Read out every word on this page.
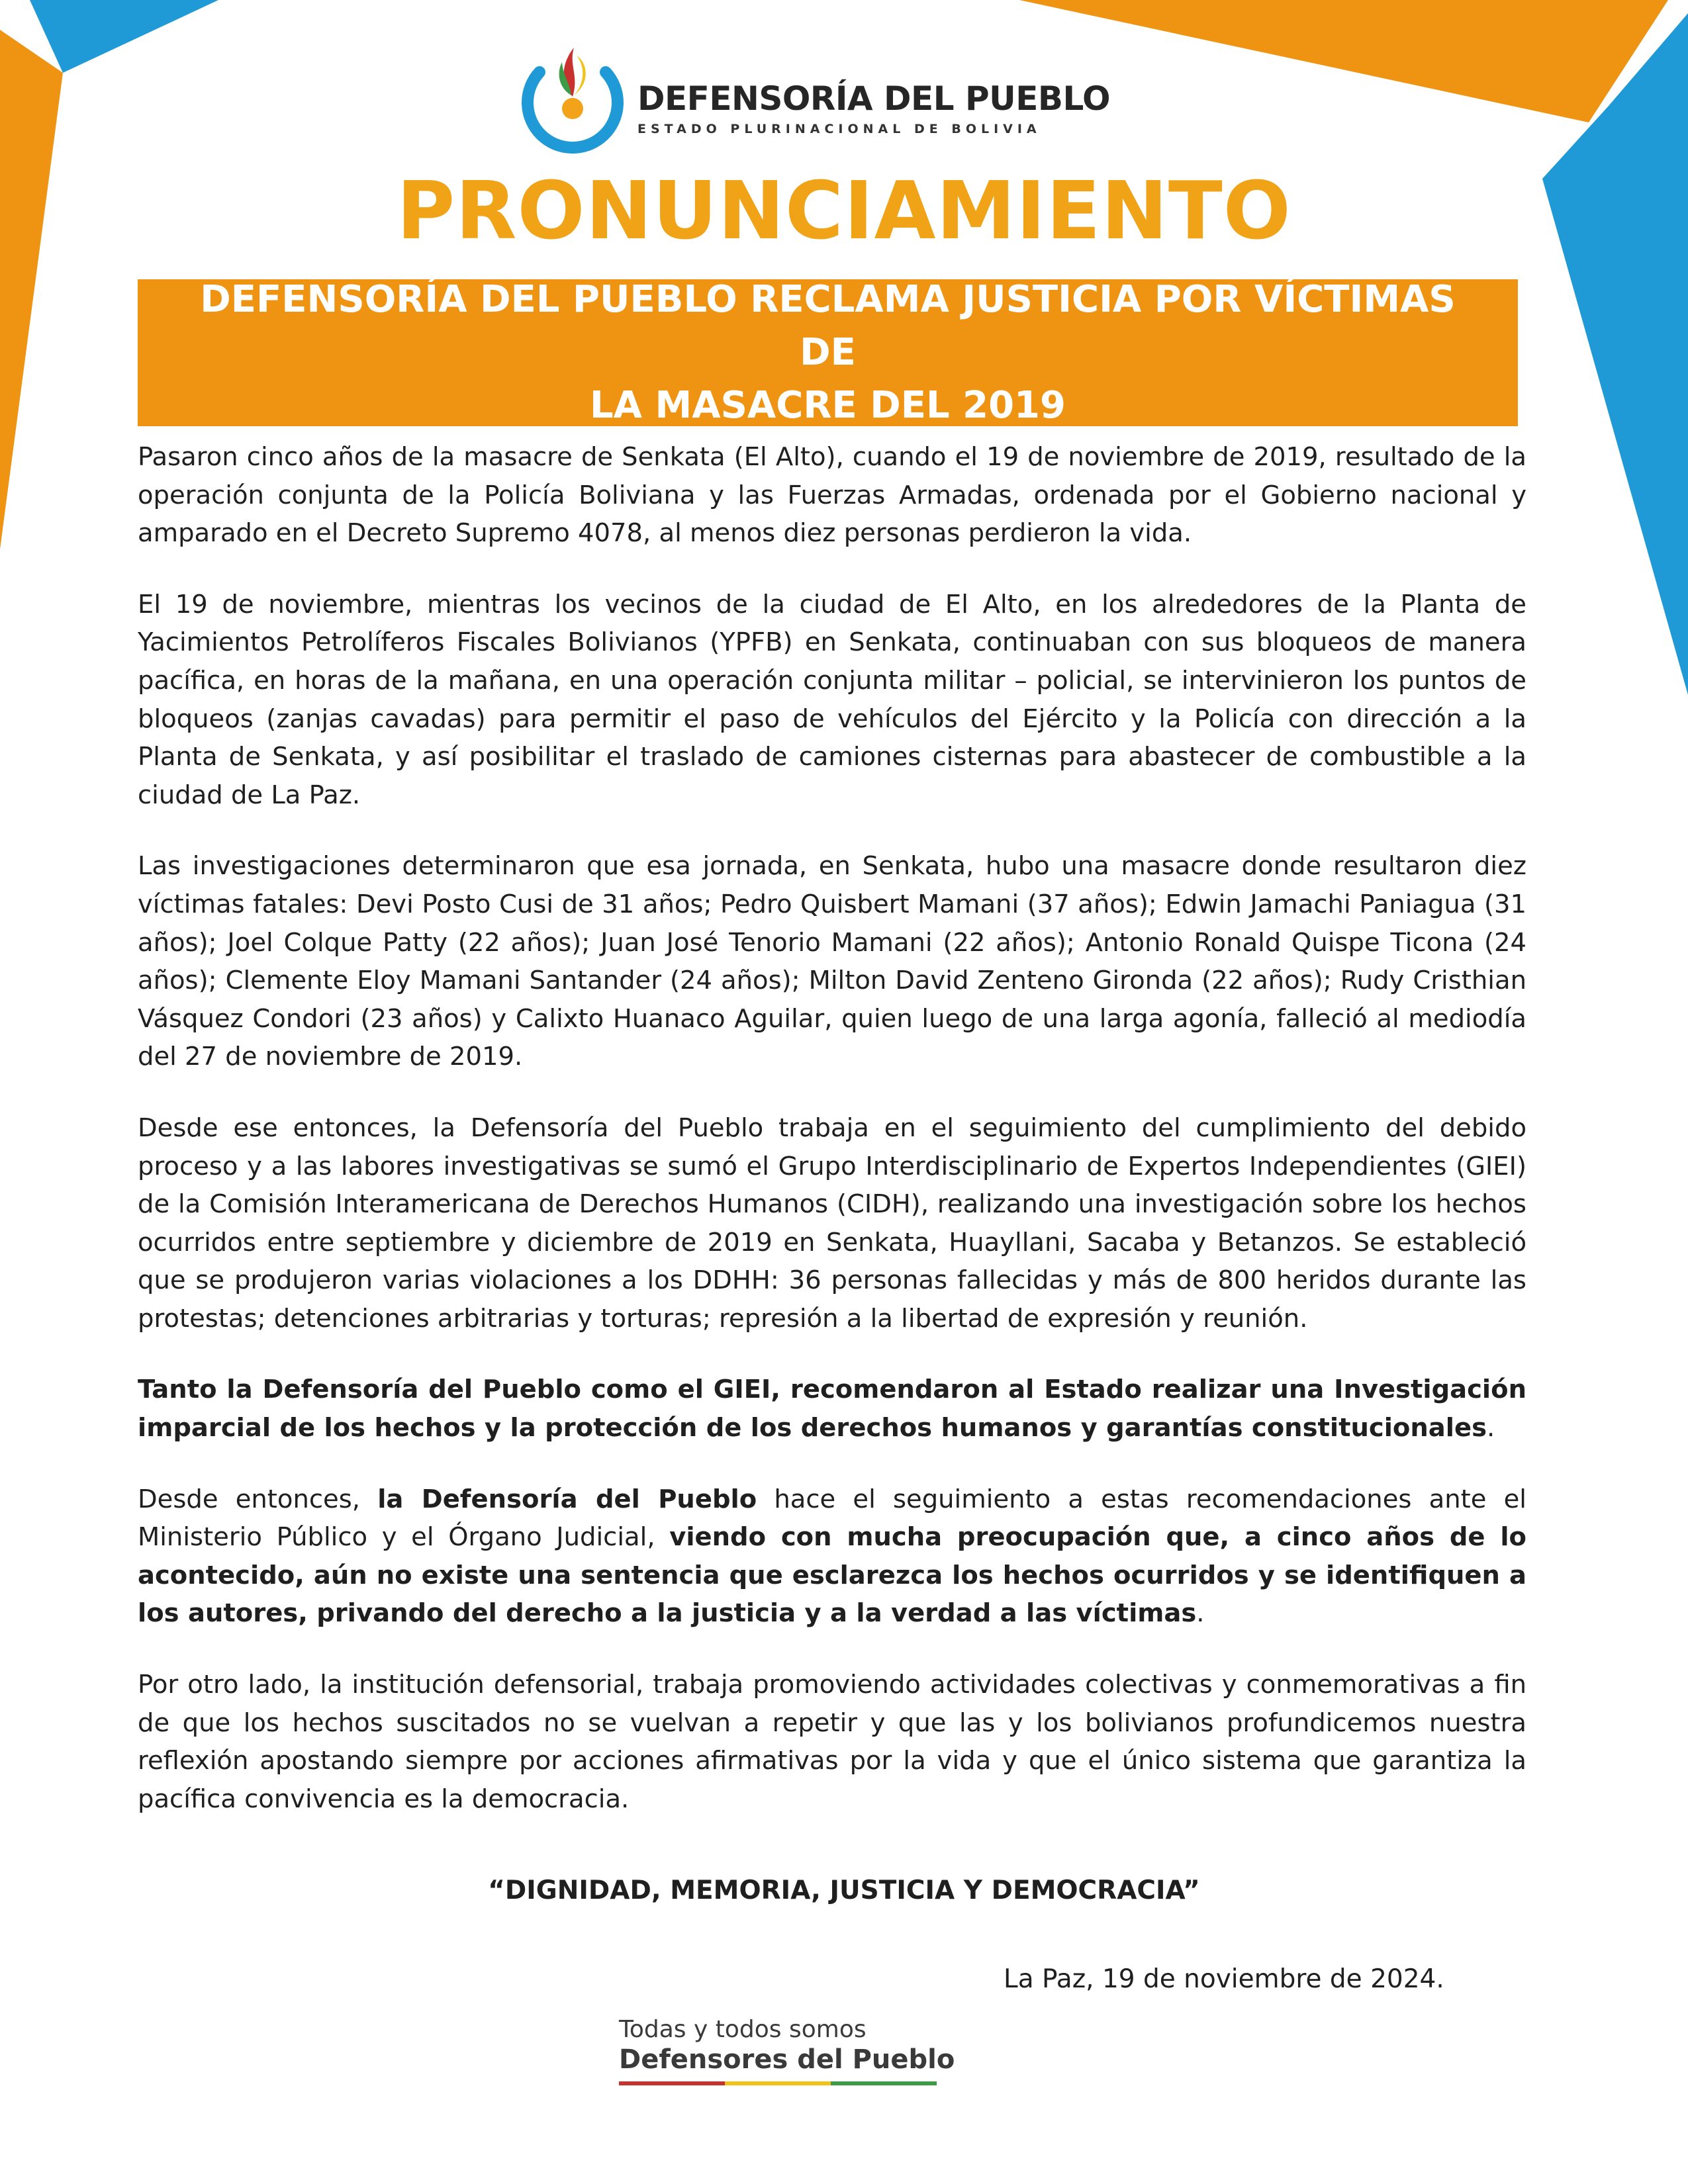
DEFENSORÍA DEL PUEBLO
ESTADO PLURINACIONAL DE BOLIVIA
PRONUNCIAMIENTO
DEFENSORÍA DEL PUEBLO RECLAMA JUSTICIA POR VÍCTIMAS DE
LA MASACRE DEL 2019

Pasaron cinco años de la masacre de Senkata (El Alto), cuando el 19 de noviembre de 2019, resultado de la operación conjunta de la Policía Boliviana y las Fuerzas Armadas, ordenada por el Gobierno nacional y amparado en el Decreto Supremo 4078, al menos diez personas perdieron la vida.

El 19 de noviembre, mientras los vecinos de la ciudad de El Alto, en los alrededores de la Planta de Yacimientos Petrolíferos Fiscales Bolivianos (YPFB) en Senkata, continuaban con sus bloqueos de manera pacífica, en horas de la mañana, en una operación conjunta militar – policial, se intervinieron los puntos de bloqueos (zanjas cavadas) para permitir el paso de vehículos del Ejército y la Policía con dirección a la Planta de Senkata, y así posibilitar el traslado de camiones cisternas para abastecer de combustible a la ciudad de La Paz.

Las investigaciones determinaron que esa jornada, en Senkata, hubo una masacre donde resultaron diez víctimas fatales: Devi Posto Cusi de 31 años; Pedro Quisbert Mamani (37 años); Edwin Jamachi Paniagua (31 años); Joel Colque Patty (22 años); Juan José Tenorio Mamani (22 años); Antonio Ronald Quispe Ticona (24 años); Clemente Eloy Mamani Santander (24 años); Milton David Zenteno Gironda (22 años); Rudy Cristhian Vásquez Condori (23 años) y Calixto Huanaco Aguilar, quien luego de una larga agonía, falleció al mediodía del 27 de noviembre de 2019.

Desde ese entonces, la Defensoría del Pueblo trabaja en el seguimiento del cumplimiento del debido proceso y a las labores investigativas se sumó el Grupo Interdisciplinario de Expertos Independientes (GIEI) de la Comisión Interamericana de Derechos Humanos (CIDH), realizando una investigación sobre los hechos ocurridos entre septiembre y diciembre de 2019 en Senkata, Huayllani, Sacaba y Betanzos. Se estableció que se produjeron varias violaciones a los DDHH: 36 personas fallecidas y más de 800 heridos durante las protestas; detenciones arbitrarias y torturas; represión a la libertad de expresión y reunión.

Tanto la Defensoría del Pueblo como el GIEI, recomendaron al Estado realizar una Investigación imparcial de los hechos y la protección de los derechos humanos y garantías constitucionales.

Desde entonces, la Defensoría del Pueblo hace el seguimiento a estas recomendaciones ante el Ministerio Público y el Órgano Judicial, viendo con mucha preocupación que, a cinco años de lo acontecido, aún no existe una sentencia que esclarezca los hechos ocurridos y se identifiquen a los autores, privando del derecho a la justicia y a la verdad a las víctimas.

Por otro lado, la institución defensorial, trabaja promoviendo actividades colectivas y conmemorativas a fin de que los hechos suscitados no se vuelvan a repetir y que las y los bolivianos profundicemos nuestra reflexión apostando siempre por acciones afirmativas por la vida y que el único sistema que garantiza la pacífica convivencia es la democracia.

“DIGNIDAD, MEMORIA, JUSTICIA Y DEMOCRACIA”
La Paz, 19 de noviembre de 2024.
Todas y todos somos
Defensores del Pueblo
